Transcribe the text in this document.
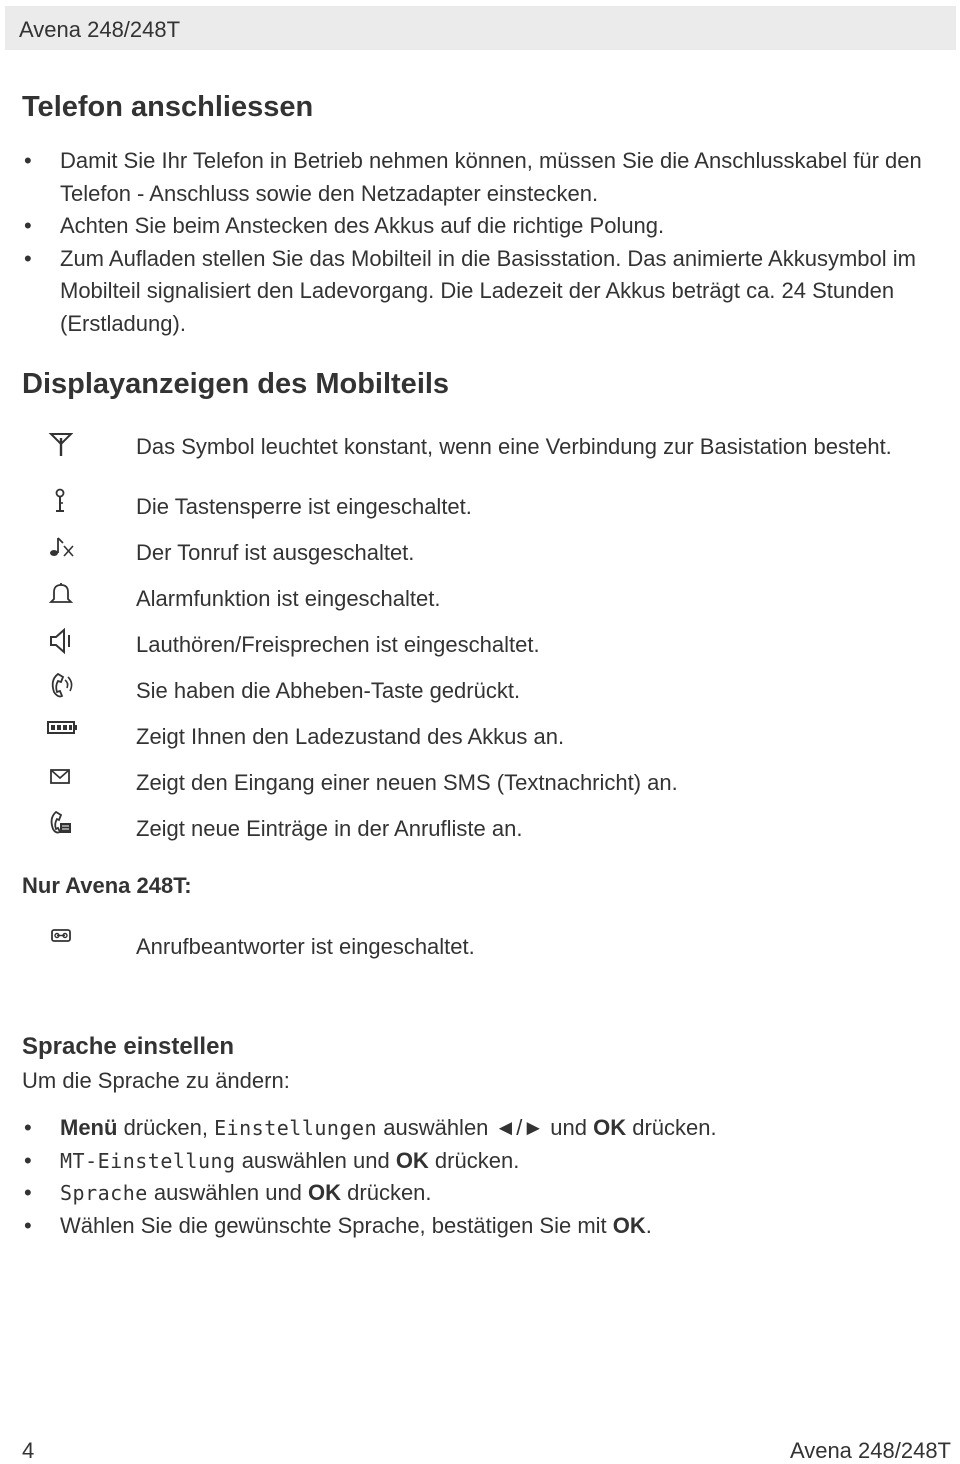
Avena 248/248T
Telefon anschliessen
• Damit Sie Ihr Telefon in Betrieb nehmen können, müssen Sie die Anschlusskabel für den Telefon - Anschluss sowie den Netzadapter einstecken.
• Achten Sie beim Anstecken des Akkus auf die richtige Polung.
• Zum Aufladen stellen Sie das Mobilteil in die Basisstation. Das animierte Akkusymbol im Mobilteil signalisiert den Ladevorgang. Die Ladezeit der Akkus beträgt ca. 24 Stunden (Erstladung).
Displayanzeigen des Mobilteils
Das Symbol leuchtet konstant, wenn eine Verbindung zur Basistation besteht.
Die Tastensperre ist eingeschaltet.
Der Tonruf ist ausgeschaltet.
Alarmfunktion ist eingeschaltet.
Lauthören/Freisprechen ist eingeschaltet.
Sie haben die Abheben-Taste gedrückt.
Zeigt Ihnen den Ladezustand des Akkus an.
Zeigt den Eingang einer neuen SMS (Textnachricht) an.
Zeigt neue Einträge in der Anrufliste an.
Nur Avena 248T:
Anrufbeantworter ist eingeschaltet.
Sprache einstellen
Um die Sprache zu ändern:
• Menü drücken, Einstellungen auswählen ◄/► und OK drücken.
• MT-Einstellung auswählen und OK drücken.
• Sprache auswählen und OK drücken.
• Wählen Sie die gewünschte Sprache, bestätigen Sie mit OK.
4	Avena 248/248T
